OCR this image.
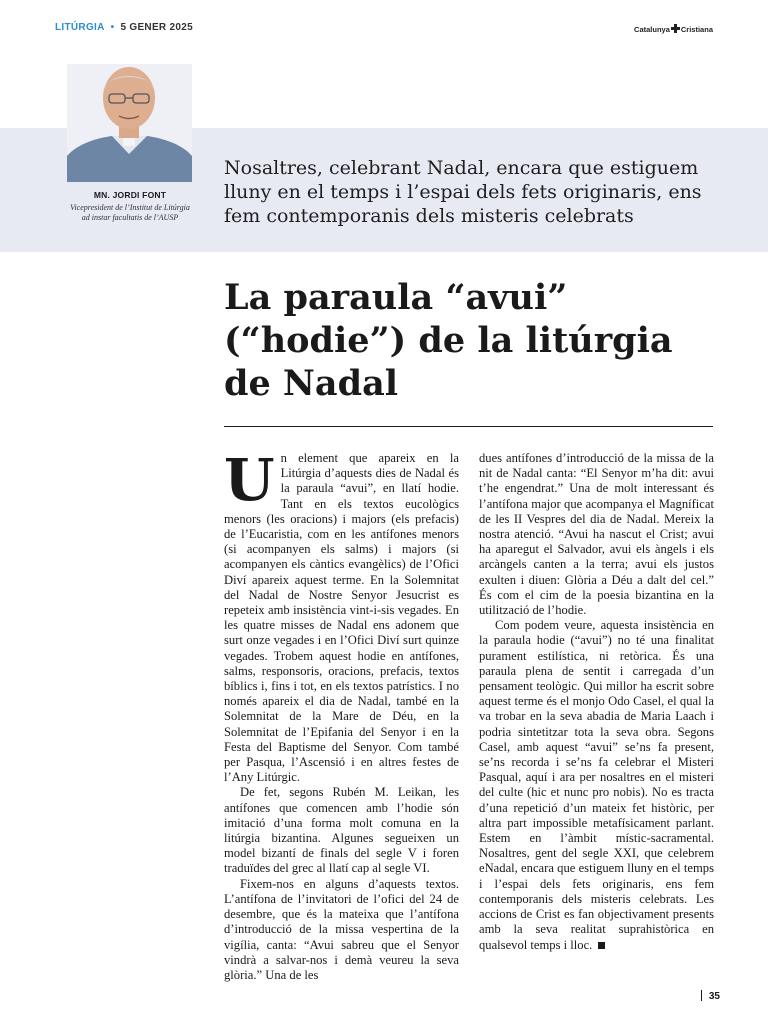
LITÚRGIA • 5 GENER 2025	Catalunya Cristiana
MN. JORDI FONT
Vicepresident de l’Institut de Litúrgia
ad instar facultatis de l’AUSP
Nosaltres, celebrant Nadal, encara que estiguem lluny en el temps i l’espai dels fets originaris, ens fem contemporanis dels misteris celebrats
La paraula “avui” (“hodie”) de la litúrgia de Nadal

Un element que apareix en la Litúrgia d’aquests dies de Nadal és la paraula “avui”, en llatí hodie. Tant en els textos eucològics menors (les oracions) i majors (els prefacis) de l’Eucaristia, com en les antífones menors (si acompanyen els salms) i majors (si acompanyen els càntics evangèlics) de l’Ofici Diví apareix aquest terme. En la Solemnitat del Nadal de Nostre Senyor Jesucrist es repeteix amb insistència vint-i-sis vegades. En les quatre misses de Nadal ens adonem que surt onze vegades i en l’Ofici Diví surt quinze vegades. Trobem aquest hodie en antífones, salms, responsoris, oracions, prefacis, textos bíblics i, fins i tot, en els textos patrístics. I no només apareix el dia de Nadal, també en la Solemnitat de la Mare de Déu, en la Solemnitat de l’Epifania del Senyor i en la Festa del Baptisme del Senyor. Com també per Pasqua, l’Ascensió i en altres festes de l’Any Litúrgic.

De fet, segons Rubén M. Leikan, les antífones que comencen amb l’hodie són imitació d’una forma molt comuna en la litúrgia bizantina. Algunes segueixen un model bizantí de finals del segle V i foren traduïdes del grec al llatí cap al segle VI.

Fixem-nos en alguns d’aquests textos. L’antífona de l’invitatori de l’ofici del 24 de desembre, que és la mateixa que l’antífona d’introducció de la missa vespertina de la vigília, canta: “Avui sabreu que el Senyor vindrà a salvar-nos i demà veureu la seva glòria.” Una de les

dues antífones d’introducció de la missa de la nit de Nadal canta: “El Senyor m’ha dit: avui t’he engendrat.” Una de molt interessant és l’antífona major que acompanya el Magníficat de les II Vespres del dia de Nadal. Mereix la nostra atenció. “Avui ha nascut el Crist; avui ha aparegut el Salvador, avui els àngels i els arcàngels canten a la terra; avui els justos exulten i diuen: Glòria a Déu a dalt del cel.” És com el cim de la poesia bizantina en la utilització de l’hodie.

Com podem veure, aquesta insistència en la paraula hodie (“avui”) no té una finalitat purament estilística, ni retòrica. És una paraula plena de sentit i carregada d’un pensament teològic. Qui millor ha escrit sobre aquest terme és el monjo Odo Casel, el qual la va trobar en la seva abadia de Maria Laach i podria sintetitzar tota la seva obra. Segons Casel, amb aquest “avui” se’ns fa present, se’ns recorda i se’ns fa celebrar el Misteri Pasqual, aquí i ara per nosaltres en el misteri del culte (hic et nunc pro nobis). No es tracta d’una repetició d’un mateix fet històric, per altra part impossible metafísicament parlant. Estem en l’àmbit místic-sacramental. Nosaltres, gent del segle XXI, que celebrem eNadal, encara que estiguem lluny en el temps i l’espai dels fets originaris, ens fem contemporanis dels misteris celebrats. Les accions de Crist es fan objectivament presents amb la seva realitat suprahistòrica en qualsevol temps i lloc.

35
